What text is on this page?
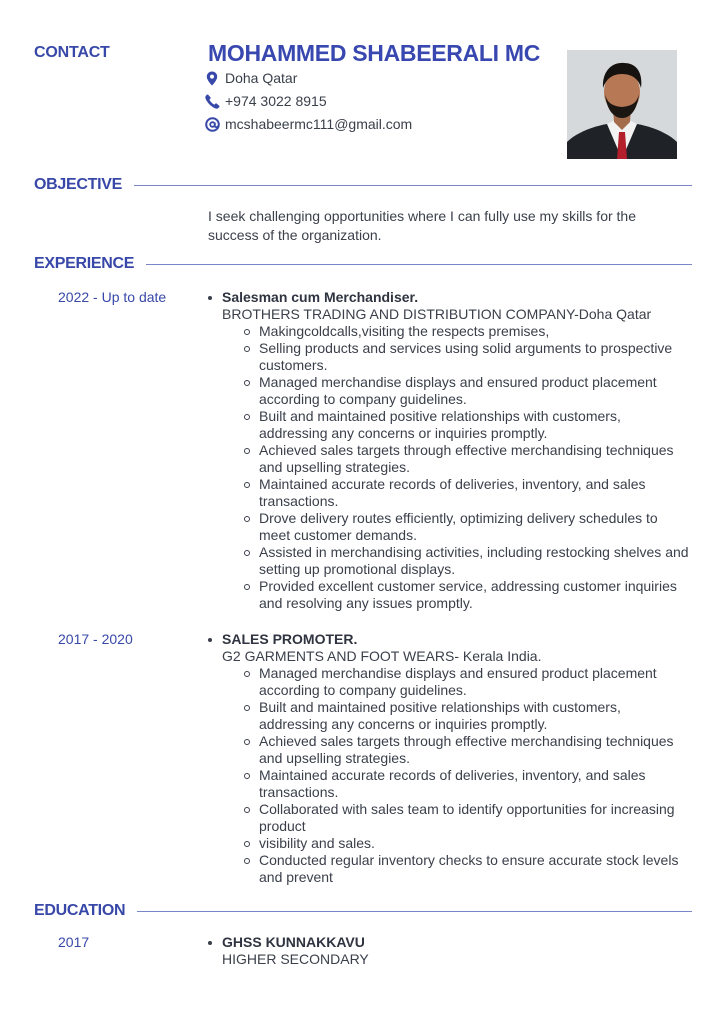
CONTACT	MOHAMMED SHABEERALI MC
Doha Qatar
+974 3022 8915
mcshabeermc111@gmail.com
OBJECTIVE
I seek challenging opportunities where I can fully use my skills for the success of the organization.
EXPERIENCE
2022 - Up to date	Salesman cum Merchandiser.
BROTHERS TRADING AND DISTRIBUTION COMPANY-Doha Qatar
Makingcoldcalls,visiting the respects premises,
Selling products and services using solid arguments to prospective customers.
Managed merchandise displays and ensured product placement according to company guidelines.
Built and maintained positive relationships with customers, addressing any concerns or inquiries promptly.
Achieved sales targets through effective merchandising techniques and upselling strategies.
Maintained accurate records of deliveries, inventory, and sales transactions.
Drove delivery routes efficiently, optimizing delivery schedules to meet customer demands.
Assisted in merchandising activities, including restocking shelves and setting up promotional displays.
Provided excellent customer service, addressing customer inquiries and resolving any issues promptly.
2017 - 2020	SALES PROMOTER.
G2 GARMENTS AND FOOT WEARS- Kerala India.
Managed merchandise displays and ensured product placement according to company guidelines.
Built and maintained positive relationships with customers, addressing any concerns or inquiries promptly.
Achieved sales targets through effective merchandising techniques and upselling strategies.
Maintained accurate records of deliveries, inventory, and sales transactions.
Collaborated with sales team to identify opportunities for increasing product
visibility and sales.
Conducted regular inventory checks to ensure accurate stock levels and prevent
EDUCATION
2017	GHSS KUNNAKKAVU
HIGHER SECONDARY
